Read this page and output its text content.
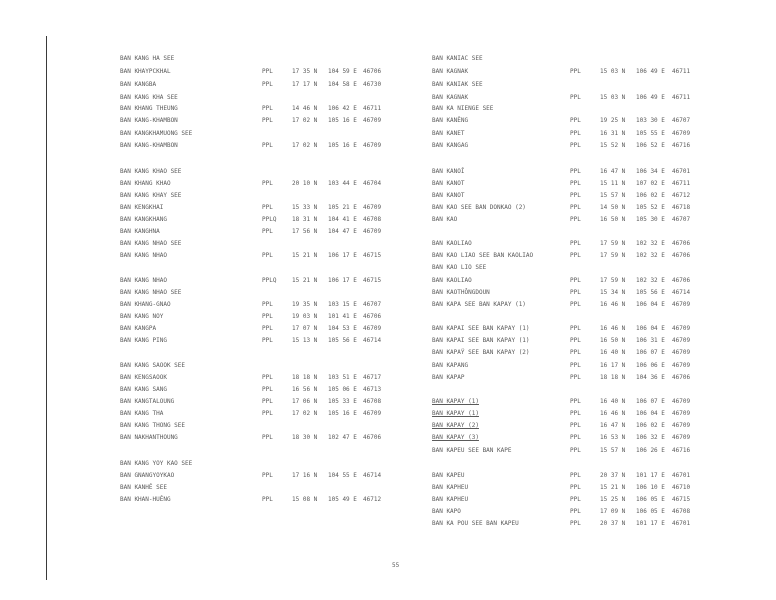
BAN KANG HA SEE
BAN KHAYPCKHAL	PPL	17 35 N 104 59 E 46706
BAN KANGBA	PPL	17 17 N 104 58 E 46730
BAN KANG KHA SEE
BAN KHANG THEUNG	PPL	14 46 N 106 42 E 46711
BAN KANG-KHAMBON	PPL	17 02 N 105 16 E 46709
BAN KANGKHAMUONG SEE
BAN KANG-KHAMBON	PPL	17 02 N 105 16 E 46709
BAN KANG KHAO SEE
BAN KHANG KHAO	PPL	20 10 N 103 44 E 46704
BAN KANG KHAY SEE
BAN KENGKHAI	PPL	15 33 N 105 21 E 46709
BAN KANGKHANG	PPLQ	18 31 N 104 41 E 46708
BAN KANGHNA	PPL	17 56 N 104 47 E 46709
BAN KANG NHAO SEE
BAN KANG NHAO	PPL	15 21 N 106 17 E 46715
BAN KANG NHAO	PPLQ	15 21 N 106 17 E 46715
BAN KANG NHAO SEE
BAN KHANG-GNAO	PPL	19 35 N 103 15 E 46707
BAN KANG NOY	PPL	19 03 N 101 41 E 46706
BAN KANGPA	PPL	17 07 N 104 53 E 46709
BAN KANG PING	PPL	15 13 N 105 56 E 46714
BAN KANG SAOOK SEE
BAN KENGSAOOK	PPL	18 18 N 103 51 E 46717
BAN KANG SANG	PPL	16 56 N 105 06 E 46713
BAN KANGTALOUNG	PPL	17 06 N 105 33 E 46708
BAN KANG THA	PPL	17 02 N 105 16 E 46709
BAN KANG THONG SEE
BAN NAKHANTHOUNG	PPL	18 30 N 102 47 E 46706
BAN KANG YOY KAO SEE
BAN GNANGYOYKAO	PPL	17 16 N 104 55 E 46714
BAN KANHÊ SEE
BAN KHAN-HUÊNG	PPL	15 08 N 105 49 E 46712
BAN KANIAC SEE
BAN KAGNAK	PPL	15 03 N 106 49 E 46711
BAN KANIAK SEE
BAN KAGNAK	PPL	15 03 N 106 49 E 46711
BAN KA NIENGE SEE
BAN KANÊNG	PPL	19 25 N 103 30 E 46707
BAN KANET	PPL	16 31 N 105 55 E 46709
BAN KANGAG	PPL	15 52 N 106 52 E 46716
BAN KANOÎ	PPL	16 47 N 106 34 E 46701
BAN KANOT	PPL	15 11 N 107 02 E 46711
BAN KANOT	PPL	15 57 N 106 02 E 46712
BAN KAO SEE BAN DONKAO (2)	PPL	14 50 N 105 52 E 46718
BAN KAO	PPL	16 50 N 105 30 E 46707
BAN KAOLIAO	PPL	17 59 N 102 32 E 46706
BAN KAO LIAO SEE BAN KAOLIAO	PPL	17 59 N 102 32 E 46706
BAN KAO LIO SEE
BAN KAOLIAO	PPL	17 59 N 102 32 E 46706
BAN KAOTHÔNGDOUN	PPL	15 34 N 105 56 E 46714
BAN KAPA SEE BAN KAPAY (1)	PPL	16 46 N 106 04 E 46709
BAN KAPAI SEE BAN KAPAY (1)	PPL	16 46 N 106 04 E 46709
BAN KAPAI SEE BAN KAPAY (1)	PPL	16 50 N 106 31 E 46709
BAN KAPAŸ SEE BAN KAPAY (2)	PPL	16 40 N 106 07 E 46709
BAN KAPANG	PPL	16 17 N 106 06 E 46709
BAN KAPAP	PPL	18 18 N 104 36 E 46706
BAN KAPAY (1)	PPL	16 40 N 106 07 E 46709
BAN KAPAY (1)	PPL	16 46 N 106 04 E 46709
BAN KAPAY (2)	PPL	16 47 N 106 02 E 46709
BAN KAPAY (3)	PPL	16 53 N 106 32 E 46709
BAN KAPEU SEE BAN KAPE	PPL	15 57 N 106 26 E 46716
BAN KAPEU	PPL	20 37 N 101 17 E 46701
BAN KAPHEU	PPL	15 21 N 106 10 E 46710
BAN KAPHEU	PPL	15 25 N 106 05 E 46715
BAN KAPO	PPL	17 09 N 106 05 E 46708
BAN KA POU SEE BAN KAPEU	PPL	20 37 N 101 17 E 46701
55
